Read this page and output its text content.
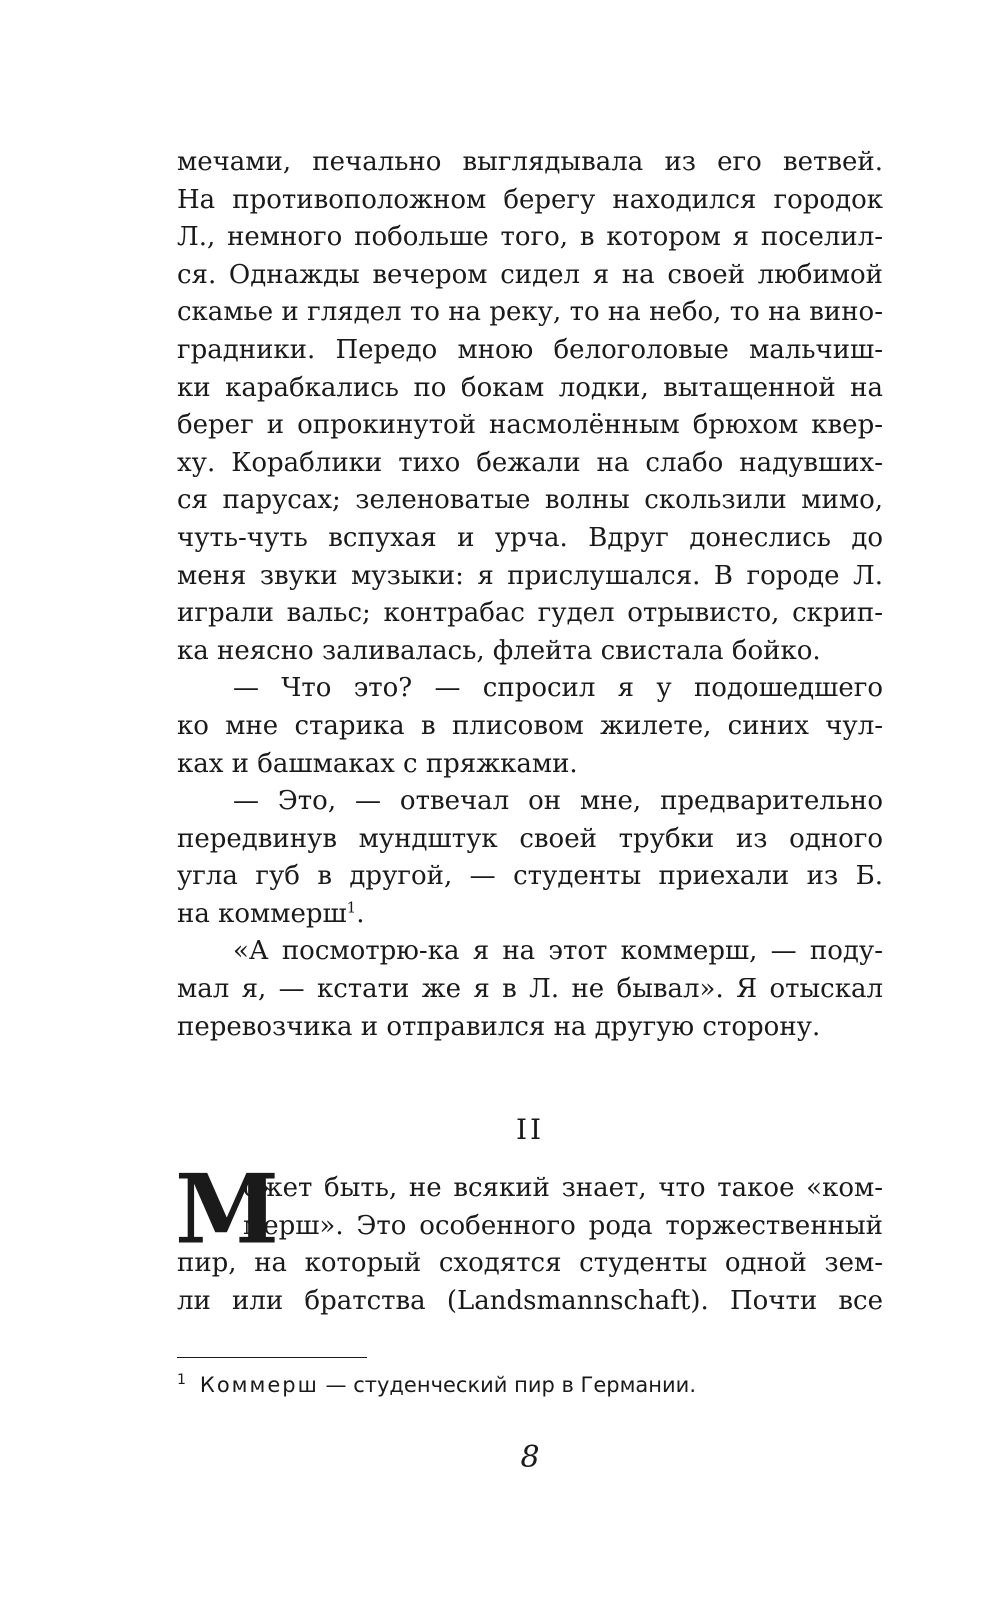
мечами, печально выглядывала из его ветвей.
На противоположном берегу находился городок
Л., немного побольше того, в котором я поселил-
ся. Однажды вечером сидел я на своей любимой
скамье и глядел то на реку, то на небо, то на вино-
градники. Передо мною белоголовые мальчиш-
ки карабкались по бокам лодки, вытащенной на
берег и опрокинутой насмолённым брюхом квер-
ху. Кораблики тихо бежали на слабо надувших-
ся парусах; зеленоватые волны скользили мимо,
чуть-чуть вспухая и урча. Вдруг донеслись до
меня звуки музыки: я прислушался. В городе Л.
играли вальс; контрабас гудел отрывисто, скрип-
ка неясно заливалась, флейта свистала бойко.
— Что это? — спросил я у подошедшего
ко мне старика в плисовом жилете, синих чул-
ках и башмаках с пряжками.
— Это, — отвечал он мне, предварительно
передвинув мундштук своей трубки из одного
угла губ в другой, — студенты приехали из Б.
на коммерш$^1$.
«А посмотрю-ка я на этот коммерш, — поду-
мал я, — кстати же я в Л. не бывал». Я отыскал
перевозчика и отправился на другую сторону.
II
М
ожет быть, не всякий знает, что такое «ком-
мерш». Это особенного рода торжественный
пир, на который сходятся студенты одной зем-
ли или братства (Landsmannschaft). Почти все
$^1$ Коммерш — студенческий пир в Германии.
8
